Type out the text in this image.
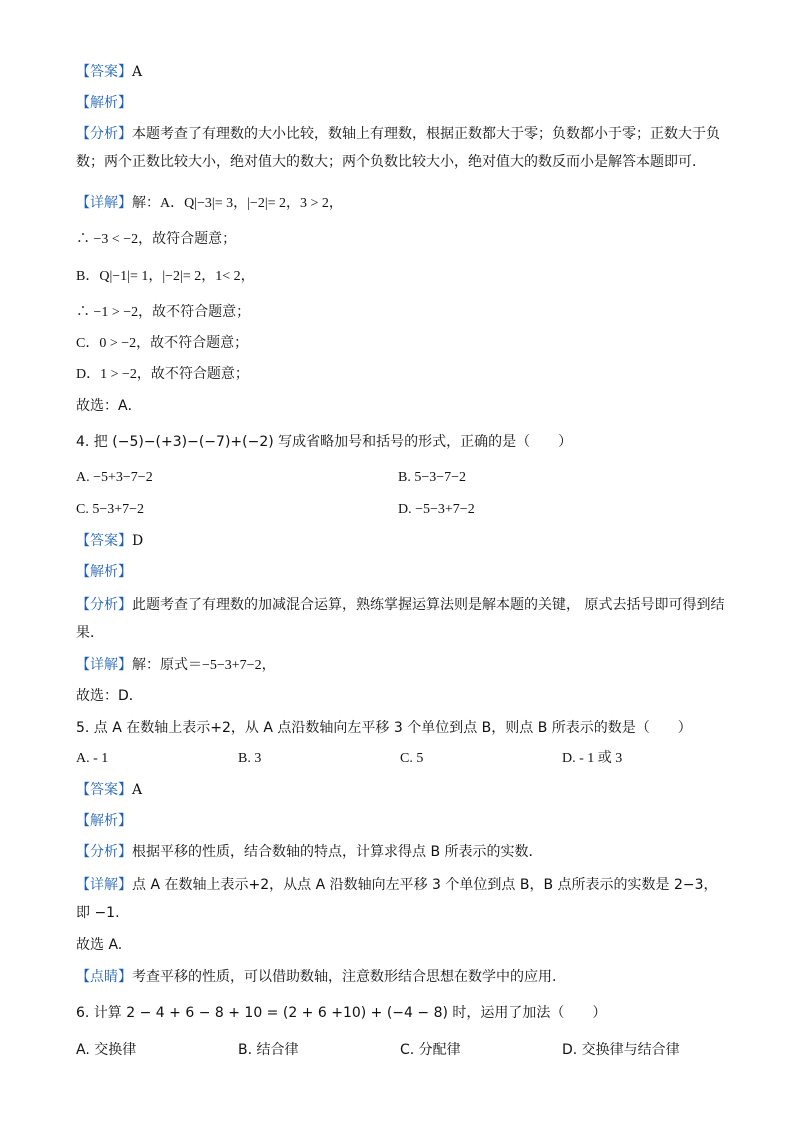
【答案】A
【解析】
【分析】本题考查了有理数的大小比较，数轴上有理数，根据正数都大于零；负数都小于零；正数大于负数；两个正数比较大小，绝对值大的数大；两个负数比较大小，绝对值大的数反而小是解答本题即可．
【详解】解：A．Q|−3|= 3，|−2|= 2，3 > 2，
∴ −3 < −2，故符合题意；
B．Q|−1|= 1，|−2|= 2，1< 2，
∴ −1 > −2，故不符合题意；
C．0 > −2，故不符合题意；
D．1 > −2，故不符合题意；
故选：A．
4. 把 (−5)−(+3)−(−7)+(−2) 写成省略加号和括号的形式，正确的是（　　）
A. −5+3−7−2	B. 5−3−7−2
C. 5−3+7−2	D. −5−3+7−2
【答案】D
【解析】
【分析】此题考查了有理数的加减混合运算，熟练掌握运算法则是解本题的关键， 原式去括号即可得到结果．
【详解】解：原式＝−5−3+7−2，
故选：D．
5. 点 A 在数轴上表示+2，从 A 点沿数轴向左平移 3 个单位到点 B，则点 B 所表示的数是（　　）
A. - 1	B. 3	C. 5	D. - 1 或 3
【答案】A
【解析】
【分析】根据平移的性质，结合数轴的特点，计算求得点 B 所表示的实数．
【详解】点 A 在数轴上表示+2，从点 A 沿数轴向左平移 3 个单位到点 B，B 点所表示的实数是 2−3，即 −1.
故选 A.
【点睛】考查平移的性质，可以借助数轴，注意数形结合思想在数学中的应用.
6. 计算 2 − 4 + 6 − 8 + 10 = (2 + 6 +10) + (−4 − 8) 时，运用了加法（　　）
A. 交换律	B. 结合律	C. 分配律	D. 交换律与结合律
